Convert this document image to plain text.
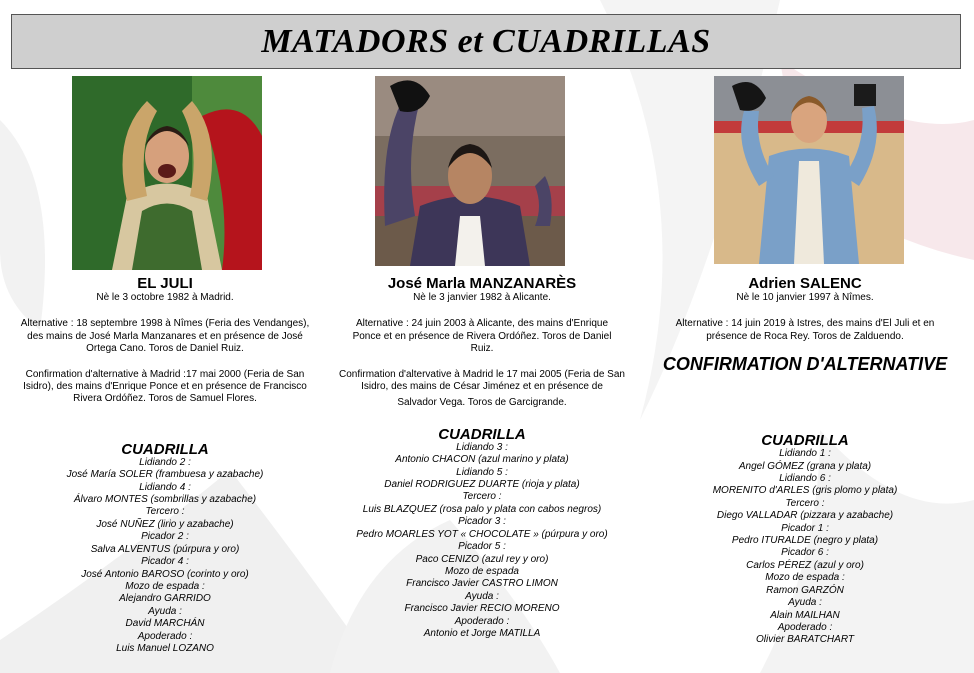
MATADORS et CUADRILLAS

EL JULI

Nè le 3 octobre 1982 à Madrid.

Alternative : 18 septembre 1998 à Nîmes (Feria des Vendanges), des mains de José Marla Manzanares et en présence de José Ortega Cano. Toros de Daniel Ruiz.

Confirmation d'alternative à Madrid :17 mai 2000 (Feria de San Isidro), des mains d'Enrique Ponce et en présence de Francisco Rivera Ordóñez. Toros de Samuel Flores.

CUADRILLA

Lidiando 2 :
José María SOLER (frambuesa y azabache)
Lidiando 4 :
Álvaro MONTES (sombrillas y azabache)
Tercero :
José NUÑEZ (lirio y azabache)
Picador 2 :
Salva ALVENTUS (púrpura y oro)
Picador 4 :
José Antonio BAROSO (corinto y oro)
Mozo de espada :
Alejandro GARRIDO
Ayuda :
David MARCHÁN
Apoderado :
Luis Manuel LOZANO

José Marla MANZANARÈS

Nè le 3 janvier 1982 à Alicante.

Alternative : 24 juin 2003 à Alicante, des mains d'Enrique Ponce et en présence de Rivera Ordóñez. Toros de Daniel Ruiz.

Confirmation d'altervative à Madrid le 17 mai 2005 (Feria de San Isidro, des mains de César Jiménez et en présence de

Salvador Vega. Toros de Garcigrande.

CUADRILLA

Lidiando 3 :
Antonio CHACON (azul marino y plata)
Lidiando 5 :
Daniel RODRIGUEZ DUARTE (rioja y plata)
Tercero :
Luis BLAZQUEZ (rosa palo y plata con cabos negros)
Picador 3 :
Pedro MOARLES YOT « CHOCOLATE » (púrpura y oro)
Picador 5 :
Paco CENIZO (azul rey y oro)
Mozo de espada
Francisco Javier CASTRO LIMON
Ayuda :
Francisco Javier RECIO MORENO
Apoderado :
Antonio et Jorge MATILLA

Adrien SALENC

Nè le 10 janvier 1997 à Nîmes.

Alternative : 14 juin 2019 à Istres, des mains d'El Juli et en présence de Roca Rey. Toros de Zalduendo.

CONFIRMATION D'ALTERNATIVE

CUADRILLA

Lidiando 1 :
Angel GÓMEZ (grana y plata)
Lidiando 6 :
MORENITO d'ARLES (gris plomo y plata)
Tercero :
Diego VALLADAR (pizzara y azabache)
Picador 1 :
Pedro ITURALDE (negro y plata)
Picador 6 :
Carlos PÉREZ (azul y oro)
Mozo de espada :
Ramon GARZÓN
Ayuda :
Alain MAILHAN
Apoderado :
Olivier BARATCHART
